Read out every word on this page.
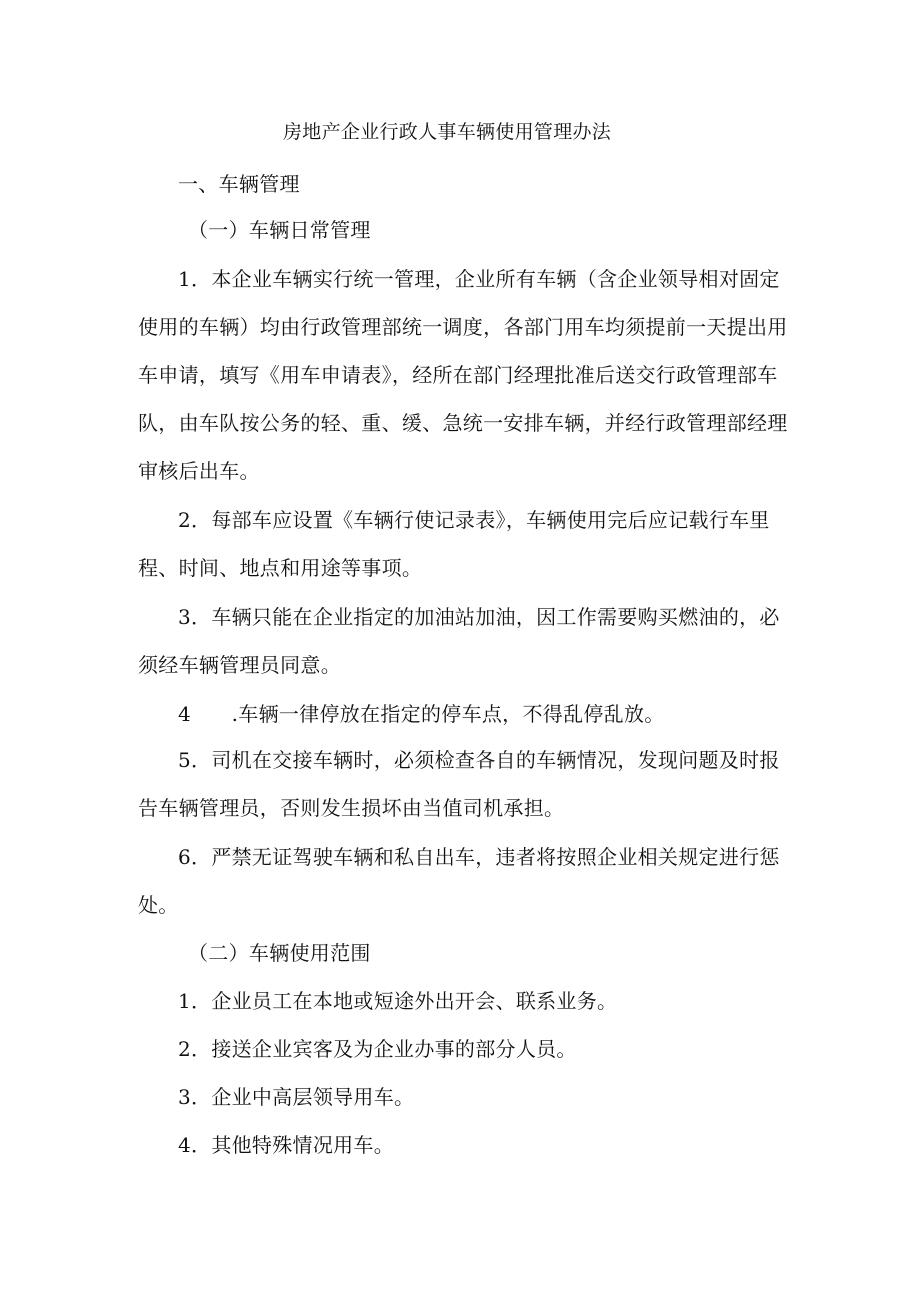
房地产企业行政人事车辆使用管理办法
一、车辆管理
（一）车辆日常管理
1．本企业车辆实行统一管理，企业所有车辆（含企业领导相对固定
使用的车辆）均由行政管理部统一调度，各部门用车均须提前一天提出用
车申请，填写《用车申请表》，经所在部门经理批准后送交行政管理部车
队，由车队按公务的轻、重、缓、急统一安排车辆，并经行政管理部经理
审核后出车。
2．每部车应设置《车辆行使记录表》，车辆使用完后应记载行车里
程、时间、地点和用途等事项。
3．车辆只能在企业指定的加油站加油，因工作需要购买燃油的，必
须经车辆管理员同意。
4　　.车辆一律停放在指定的停车点，不得乱停乱放。
5．司机在交接车辆时，必须检查各自的车辆情况，发现问题及时报
告车辆管理员，否则发生损坏由当值司机承担。
6．严禁无证驾驶车辆和私自出车，违者将按照企业相关规定进行惩
处。
（二）车辆使用范围
1．企业员工在本地或短途外出开会、联系业务。
2．接送企业宾客及为企业办事的部分人员。
3．企业中高层领导用车。
4．其他特殊情况用车。
